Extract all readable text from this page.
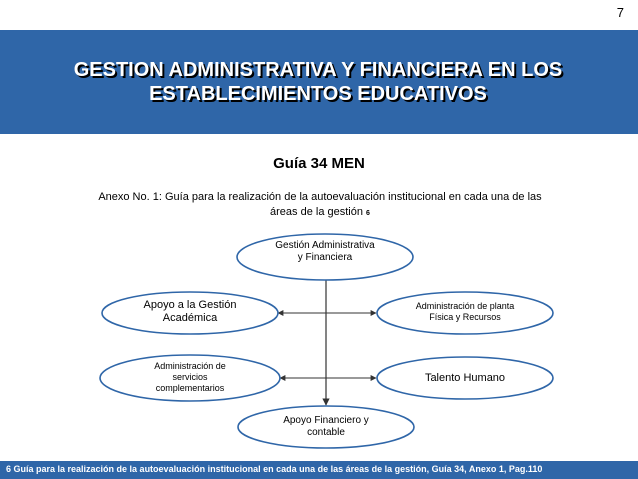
7
GESTION ADMINISTRATIVA Y FINANCIERA EN LOS
ESTABLECIMIENTOS EDUCATIVOS
Guía 34 MEN
Anexo No. 1: Guía para la realización de la autoevaluación institucional en cada una de las
áreas de la gestión 6
Gestión Administrativa y Financiera
Apoyo a la Gestión Académica
Administración de planta Física y Recursos
Administración de servicios complementarios
Talento Humano
Apoyo Financiero y contable
6 Guía para la realización de la autoevaluación institucional en cada una de las áreas de la gestión, Guía 34, Anexo 1, Pag.110
